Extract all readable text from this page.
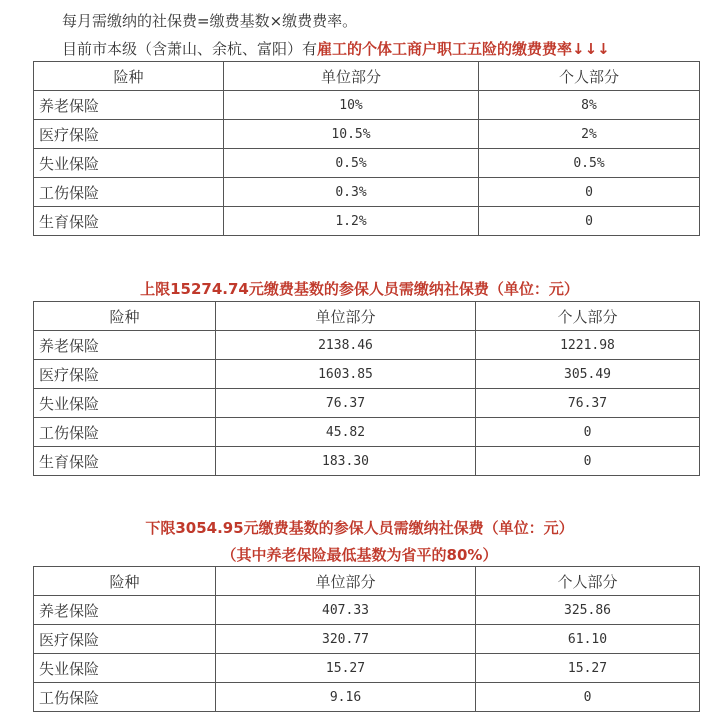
每月需缴纳的社保费=缴费基数×缴费费率。
目前市本级（含萧山、余杭、富阳）有雇工的个体工商户职工五险的缴费费率↓↓↓
险种	单位部分	个人部分
养老保险	10%	8%
医疗保险	10.5%	2%
失业保险	0.5%	0.5%
工伤保险	0.3%	0
生育保险	1.2%	0
上限15274.74元缴费基数的参保人员需缴纳社保费（单位：元）
险种	单位部分	个人部分
养老保险	2138.46	1221.98
医疗保险	1603.85	305.49
失业保险	76.37	76.37
工伤保险	45.82	0
生育保险	183.30	0
下限3054.95元缴费基数的参保人员需缴纳社保费（单位：元）
（其中养老保险最低基数为省平的80%）
险种	单位部分	个人部分
养老保险	407.33	325.86
医疗保险	320.77	61.10
失业保险	15.27	15.27
工伤保险	9.16	0
